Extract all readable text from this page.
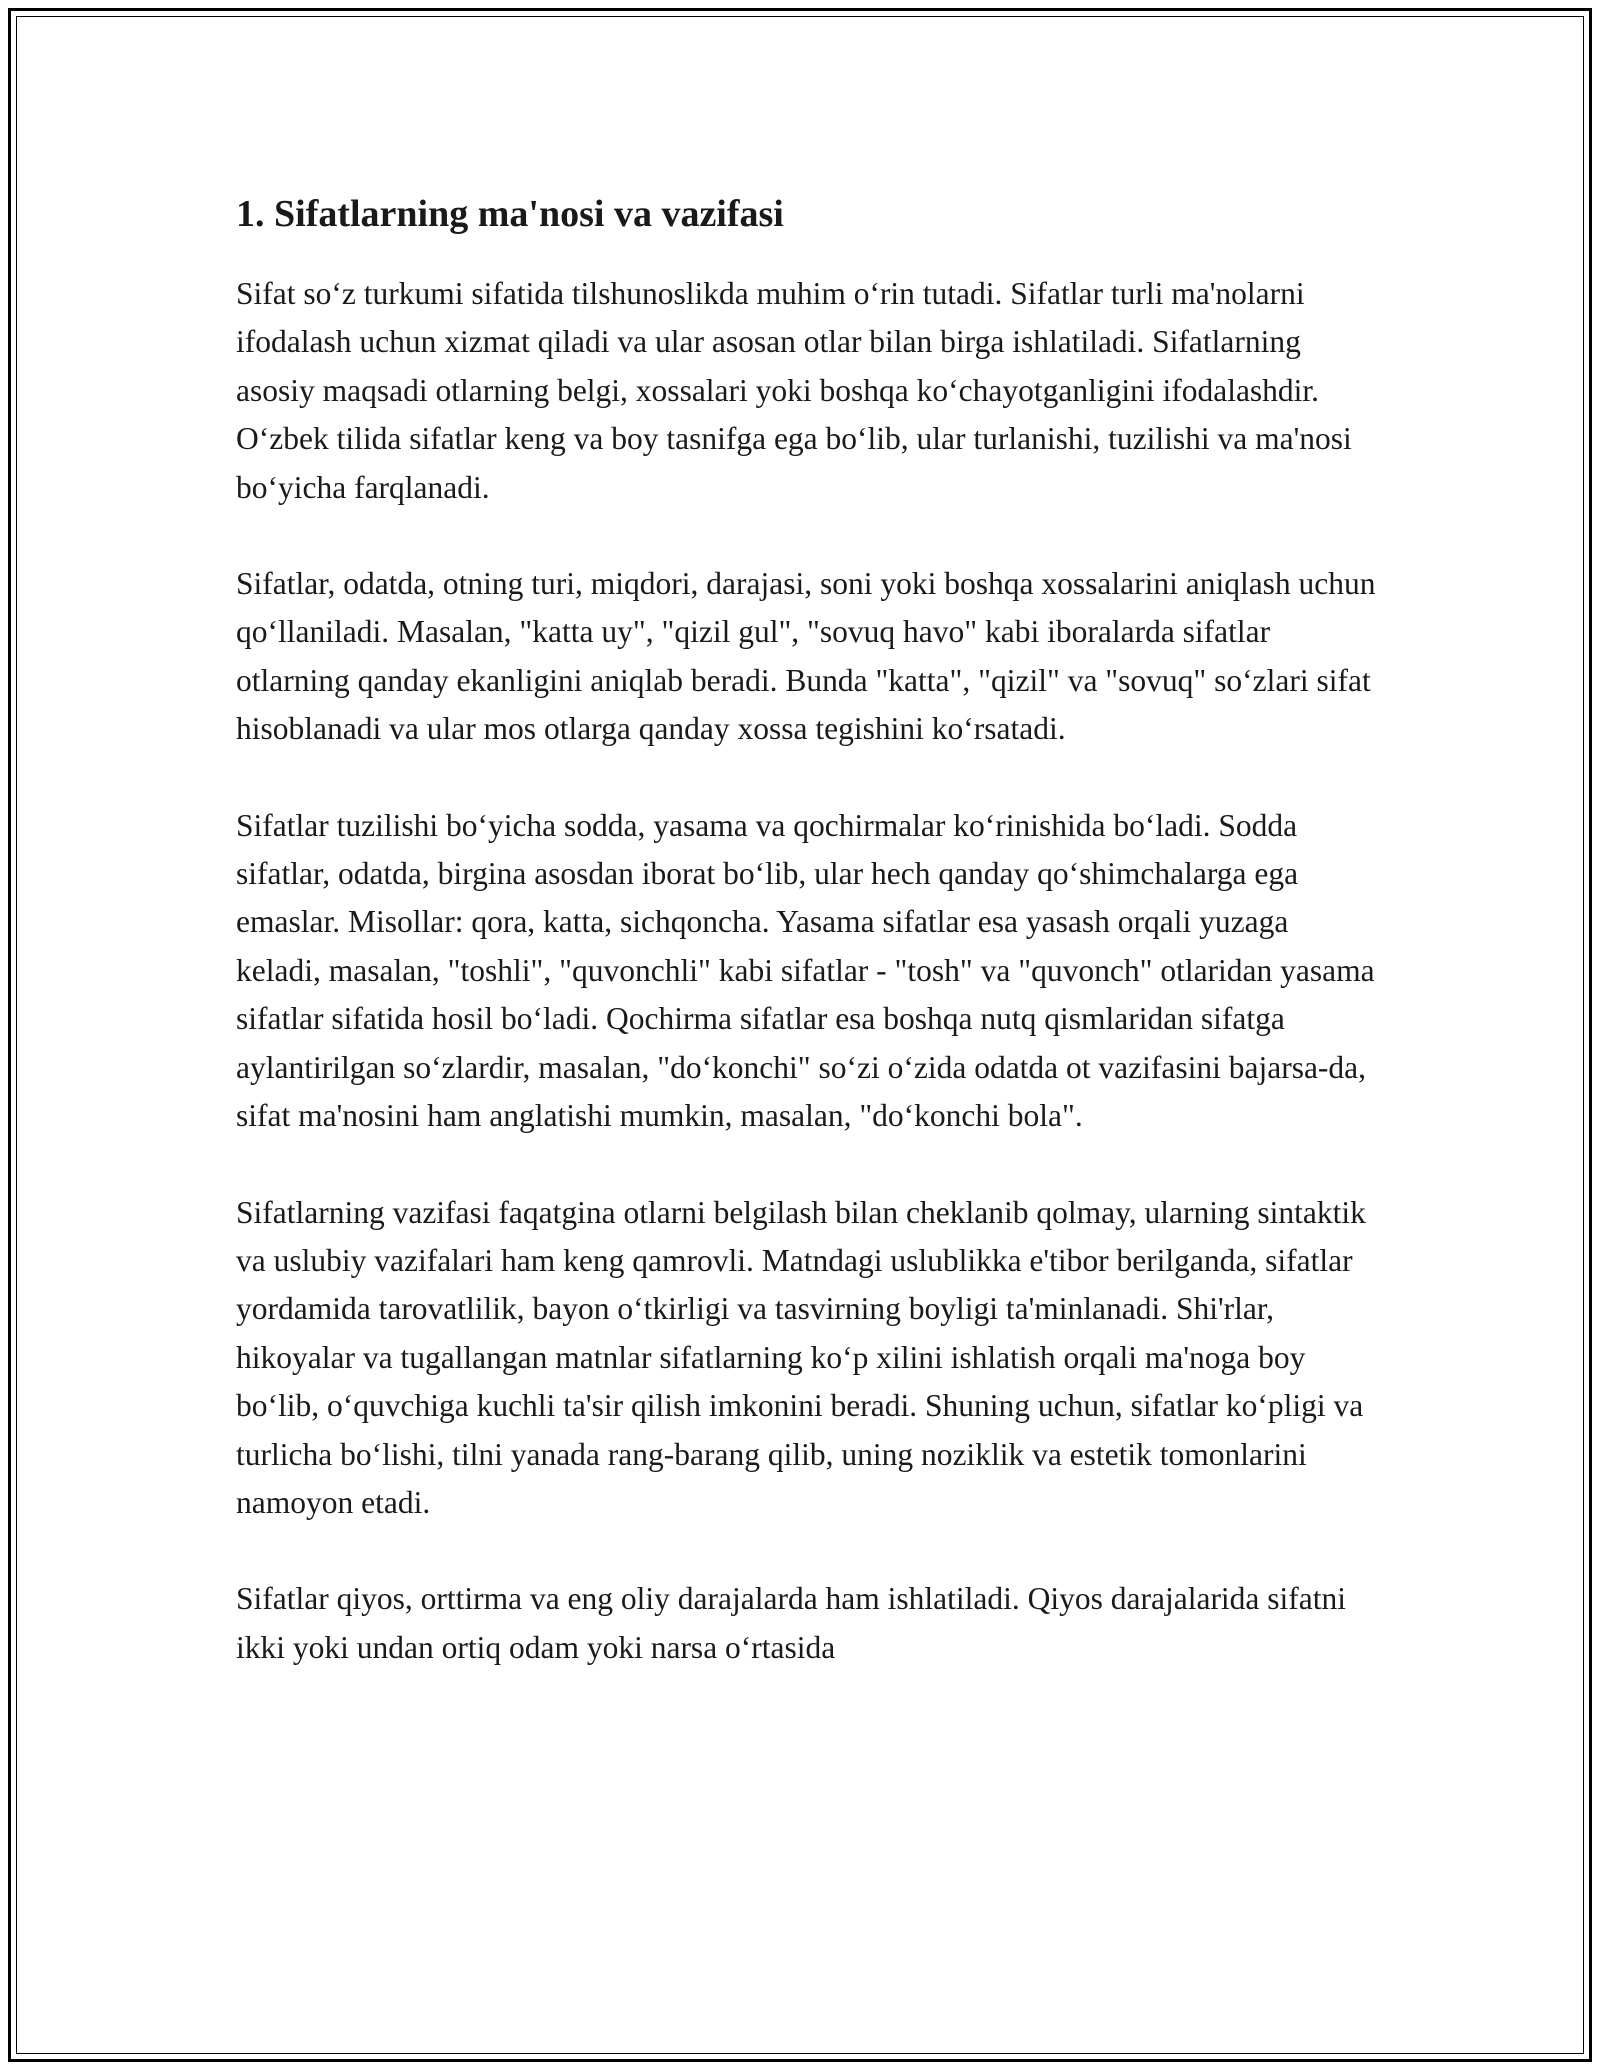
1. Sifatlarning ma'nosi va vazifasi

Sifat so‘z turkumi sifatida tilshunoslikda muhim o‘rin tutadi. Sifatlar turli ma'nolarni ifodalash uchun xizmat qiladi va ular asosan otlar bilan birga ishlatiladi. Sifatlarning asosiy maqsadi otlarning belgi, xossalari yoki boshqa ko‘chayotganligini ifodalashdir. O‘zbek tilida sifatlar keng va boy tasnifga ega bo‘lib, ular turlanishi, tuzilishi va ma'nosi bo‘yicha farqlanadi.

Sifatlar, odatda, otning turi, miqdori, darajasi, soni yoki boshqa xossalarini aniqlash uchun qo‘llaniladi. Masalan, "katta uy", "qizil gul", "sovuq havo" kabi iboralarda sifatlar otlarning qanday ekanligini aniqlab beradi. Bunda "katta", "qizil" va "sovuq" so‘zlari sifat hisoblanadi va ular mos otlarga qanday xossa tegishini ko‘rsatadi.

Sifatlar tuzilishi bo‘yicha sodda, yasama va qochirmalar ko‘rinishida bo‘ladi. Sodda sifatlar, odatda, birgina asosdan iborat bo‘lib, ular hech qanday qo‘shimchalarga ega emaslar. Misollar: qora, katta, sichqoncha. Yasama sifatlar esa yasash orqali yuzaga keladi, masalan, "toshli", "quvonchli" kabi sifatlar - "tosh" va "quvonch" otlaridan yasama sifatlar sifatida hosil bo‘ladi. Qochirma sifatlar esa boshqa nutq qismlaridan sifatga aylantirilgan so‘zlardir, masalan, "do‘konchi" so‘zi o‘zida odatda ot vazifasini bajarsa-da, sifat ma'nosini ham anglatishi mumkin, masalan, "do‘konchi bola".

Sifatlarning vazifasi faqatgina otlarni belgilash bilan cheklanib qolmay, ularning sintaktik va uslubiy vazifalari ham keng qamrovli. Matndagi uslublikka e'tibor berilganda, sifatlar yordamida tarovatlilik, bayon o‘tkirligi va tasvirning boyligi ta'minlanadi. Shi'rlar, hikoyalar va tugallangan matnlar sifatlarning ko‘p xilini ishlatish orqali ma'noga boy bo‘lib, o‘quvchiga kuchli ta'sir qilish imkonini beradi. Shuning uchun, sifatlar ko‘pligi va turlicha bo‘lishi, tilni yanada rang-barang qilib, uning noziklik va estetik tomonlarini namoyon etadi.

Sifatlar qiyos, orttirma va eng oliy darajalarda ham ishlatiladi. Qiyos darajalarida sifatni ikki yoki undan ortiq odam yoki narsa o‘rtasida
